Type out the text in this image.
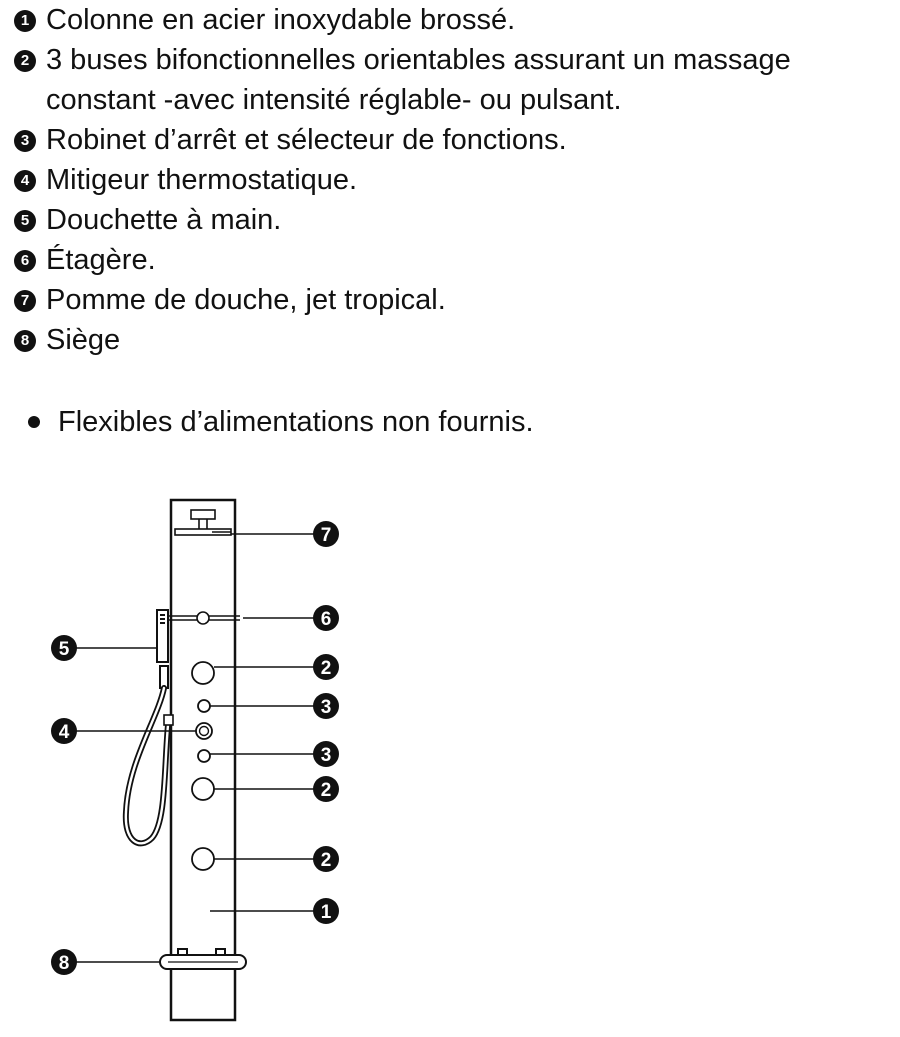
1 Colonne en acier inoxydable brossé.
2 3 buses bifonctionnelles orientables assurant un massage constant -avec intensité réglable- ou pulsant.
3 Robinet d’arrêt et sélecteur de fonctions.
4 Mitigeur thermostatique.
5 Douchette à main.
6 Étagère.
7 Pomme de douche, jet tropical.
8 Siège
Flexibles d’alimentations non fournis.
7
6
5
2
3
4
3
2
2
1
8
